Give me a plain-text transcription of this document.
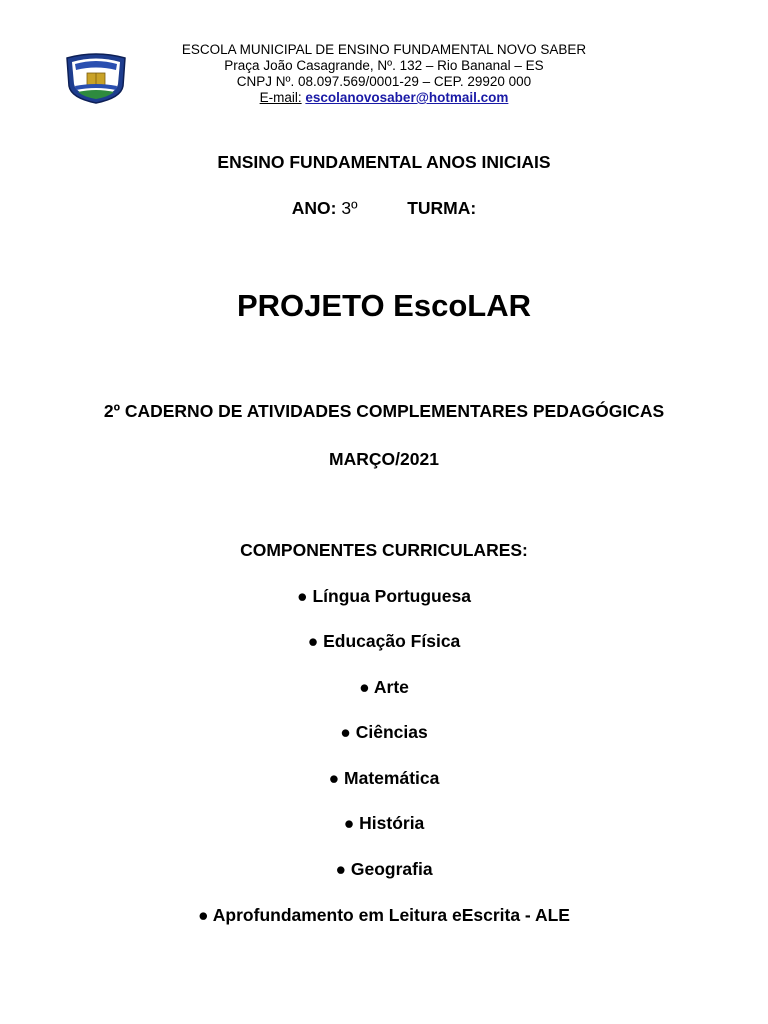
ESCOLA MUNICIPAL DE ENSINO FUNDAMENTAL NOVO SABER
Praça João Casagrande, Nº. 132 – Rio Bananal – ES
CNPJ Nº. 08.097.569/0001-29 – CEP. 29920 000
E-mail: escolanovosaber@hotmail.com
ENSINO FUNDAMENTAL ANOS INICIAIS
ANO: 3º	TURMA:
PROJETO EscoLAR
2º CADERNO DE ATIVIDADES COMPLEMENTARES PEDAGÓGICAS
MARÇO/2021
COMPONENTES CURRICULARES:
● Língua Portuguesa
● Educação Física
● Arte
● Ciências
● Matemática
● História
● Geografia
● Aprofundamento em Leitura eEscrita - ALE
